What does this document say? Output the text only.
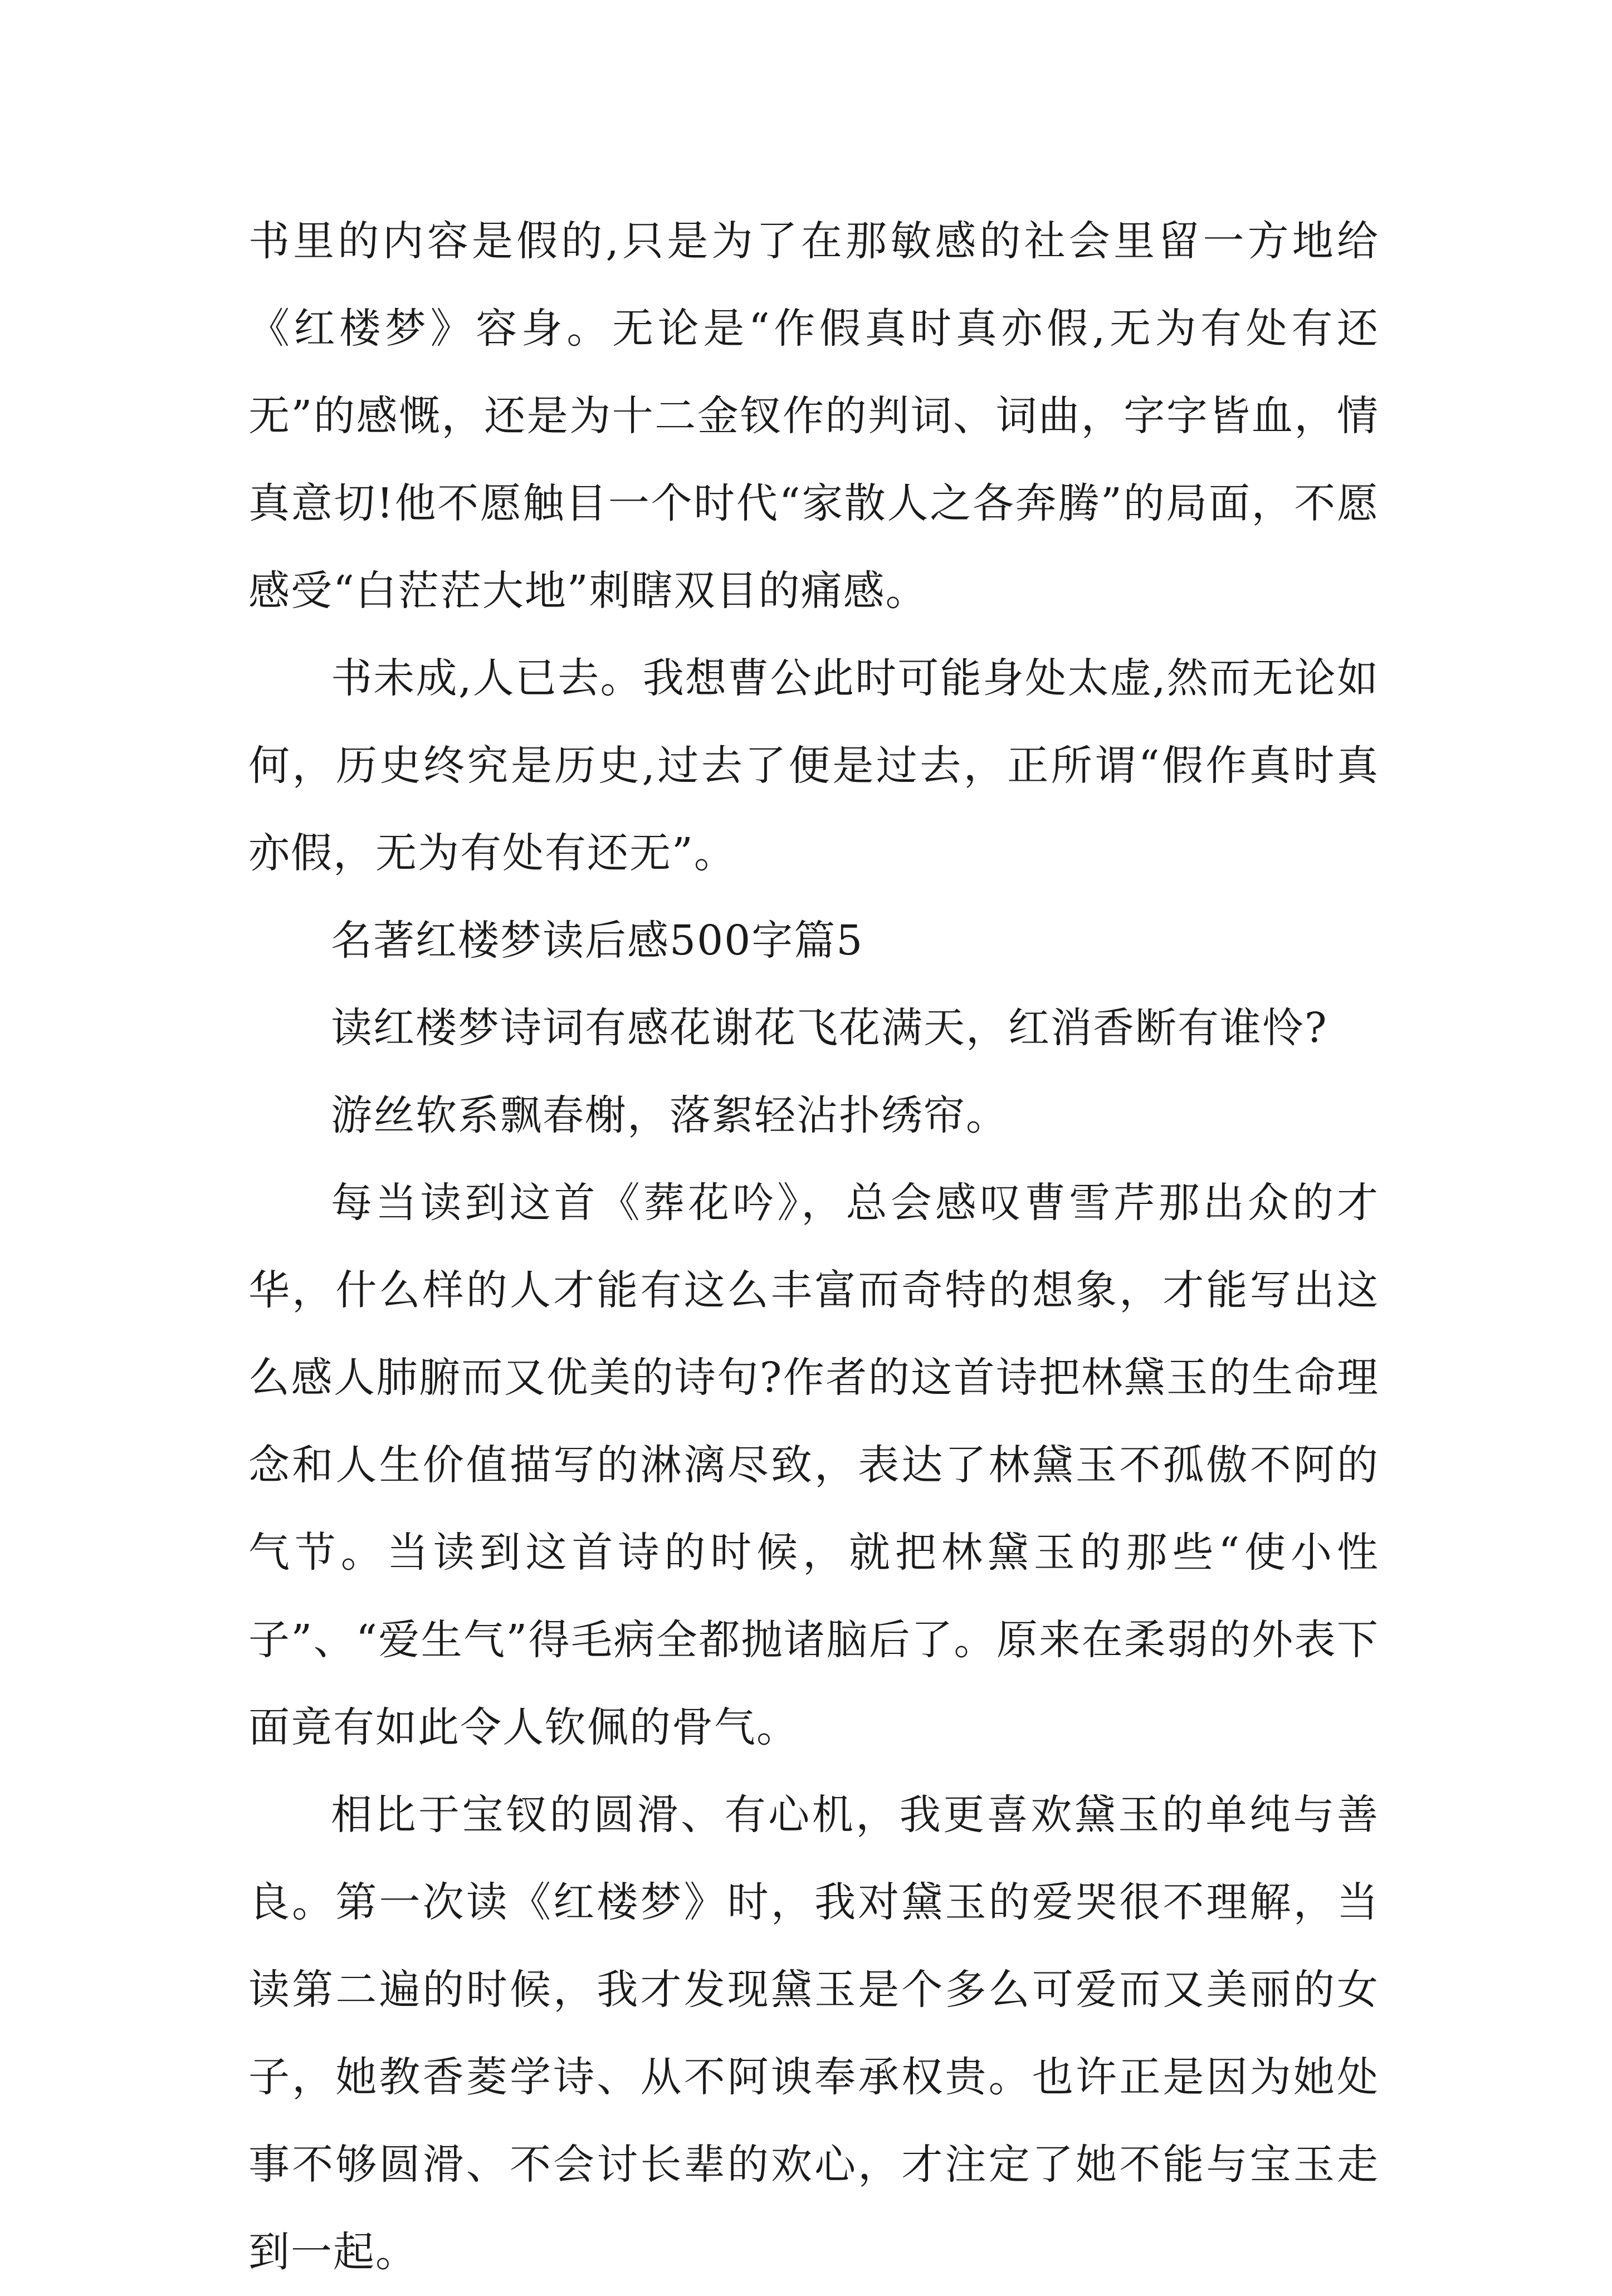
书里的内容是假的,只是为了在那敏感的社会里留一方地给《红楼梦》容身。无论是“作假真时真亦假,无为有处有还无”的感慨，还是为十二金钗作的判词、词曲，字字皆血，情真意切!他不愿触目一个时代“家散人之各奔腾”的局面，不愿感受“白茫茫大地”刺瞎双目的痛感。

书未成,人已去。我想曹公此时可能身处太虚,然而无论如何，历史终究是历史,过去了便是过去，正所谓“假作真时真亦假，无为有处有还无”。

名著红楼梦读后感500字篇5

读红楼梦诗词有感花谢花飞花满天，红消香断有谁怜?

游丝软系飘春榭，落絮轻沾扑绣帘。

每当读到这首《葬花吟》，总会感叹曹雪芹那出众的才华，什么样的人才能有这么丰富而奇特的想象，才能写出这么感人肺腑而又优美的诗句?作者的这首诗把林黛玉的生命理念和人生价值描写的淋漓尽致，表达了林黛玉不孤傲不阿的气节。当读到这首诗的时候，就把林黛玉的那些“使小性子”、“爱生气”得毛病全都抛诸脑后了。原来在柔弱的外表下面竟有如此令人钦佩的骨气。

相比于宝钗的圆滑、有心机，我更喜欢黛玉的单纯与善良。第一次读《红楼梦》时，我对黛玉的爱哭很不理解，当读第二遍的时候，我才发现黛玉是个多么可爱而又美丽的女子，她教香菱学诗、从不阿谀奉承权贵。也许正是因为她处事不够圆滑、不会讨长辈的欢心，才注定了她不能与宝玉走到一起。
